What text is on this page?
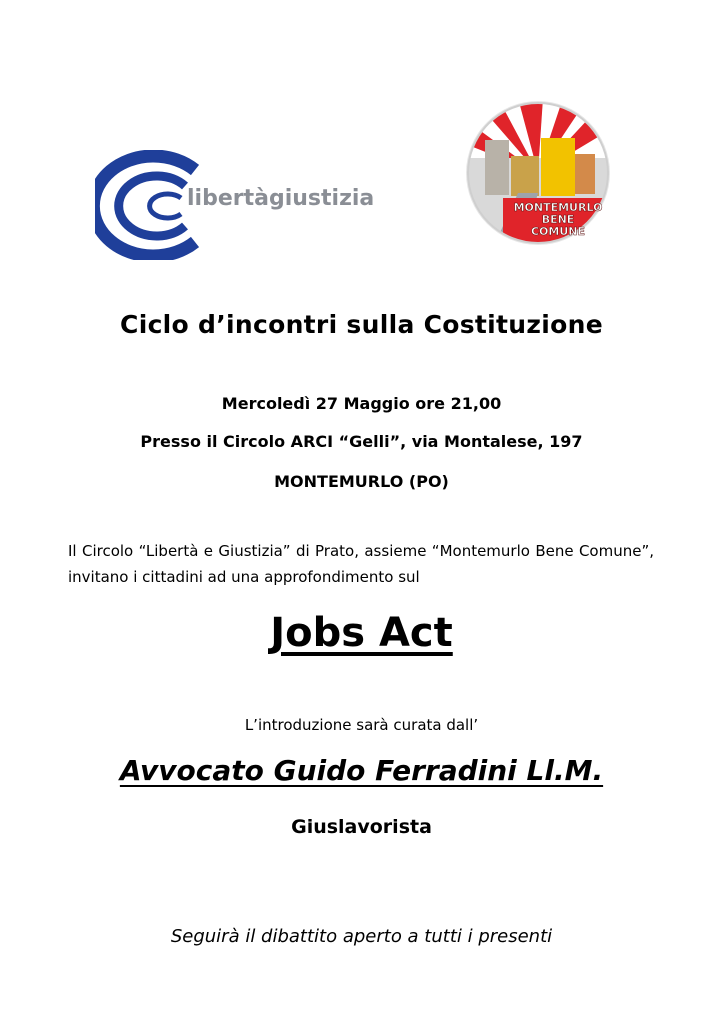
libertàgiustizia	MONTEMURLO
BENE
COMUNE
Ciclo d’incontri sulla Costituzione
Mercoledì 27 Maggio ore 21,00
Presso il Circolo ARCI “Gelli”, via Montalese, 197
MONTEMURLO (PO)
Il Circolo “Libertà e Giustizia” di Prato, assieme “Montemurlo Bene Comune”, invitano i cittadini ad una approfondimento sul
Jobs Act
L’introduzione sarà curata dall’
Avvocato Guido Ferradini Ll.M.
Giuslavorista
Seguirà il dibattito aperto a tutti i presenti
